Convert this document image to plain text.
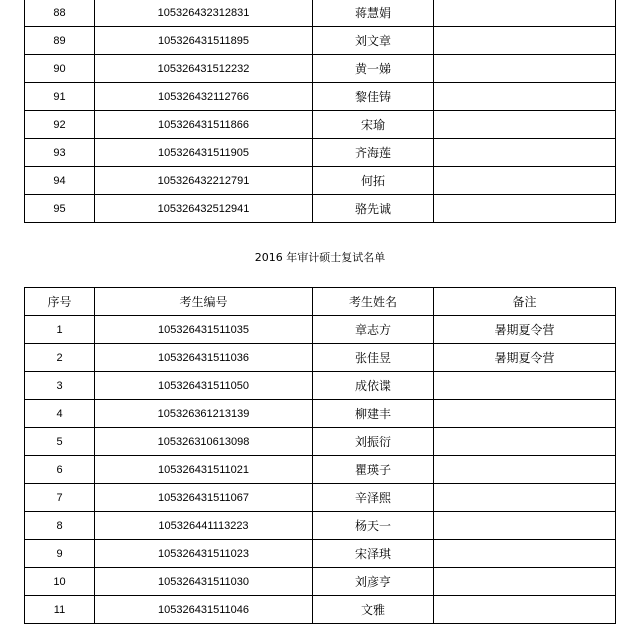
88	105326432312831	蒋慧娟	
89	105326431511895	刘文章	
90	105326431512232	黄一娣	
91	105326432112766	黎佳铸	
92	105326431511866	宋瑜	
93	105326431511905	齐海莲	
94	105326432212791	何拓	
95	105326432512941	骆先诚	
2016 年审计硕士复试名单
序号	考生编号	考生姓名	备注
1	105326431511035	章志方	暑期夏令营
2	105326431511036	张佳昱	暑期夏令营
3	105326431511050	成依谍	
4	105326361213139	柳建丰	
5	105326310613098	刘振衍	
6	105326431511021	瞿瑛子	
7	105326431511067	辛泽熙	
8	105326441113223	杨天一	
9	105326431511023	宋泽琪	
10	105326431511030	刘彦亨	
11	105326431511046	文雅	
